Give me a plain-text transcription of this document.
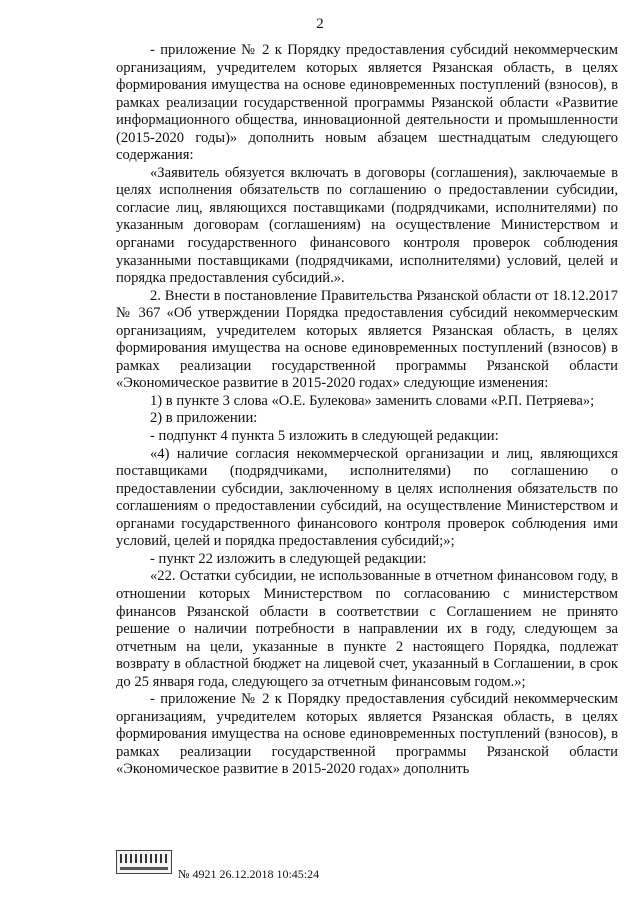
2

- приложение № 2 к Порядку предоставления субсидий некоммерческим организациям, учредителем которых является Рязанская область, в целях формирования имущества на основе единовременных поступлений (взносов), в рамках реализации государственной программы Рязанской области «Развитие информационного общества, инновационной деятельности и промышленности (2015-2020 годы)» дополнить новым абзацем шестнадцатым следующего содержания:

«Заявитель обязуется включать в договоры (соглашения), заключаемые в целях исполнения обязательств по соглашению о предоставлении субсидии, согласие лиц, являющихся поставщиками (подрядчиками, исполнителями) по указанным договорам (соглашениям) на осуществление Министерством и органами государственного финансового контроля проверок соблюдения указанными поставщиками (подрядчиками, исполнителями) условий, целей и порядка предоставления субсидий.».

2. Внести в постановление Правительства Рязанской области от 18.12.2017 № 367 «Об утверждении Порядка предоставления субсидий некоммерческим организациям, учредителем которых является Рязанская область, в целях формирования имущества на основе единовременных поступлений (взносов) в рамках реализации государственной программы Рязанской области «Экономическое развитие в 2015-2020 годах» следующие изменения:

1) в пункте 3 слова «О.Е. Булекова» заменить словами «Р.П. Петряева»;

2) в приложении:

- подпункт 4 пункта 5 изложить в следующей редакции:

«4) наличие согласия некоммерческой организации и лиц, являющихся поставщиками (подрядчиками, исполнителями) по соглашению о предоставлении субсидии, заключенному в целях исполнения обязательств по соглашениям о предоставлении субсидий, на осуществление Министерством и органами государственного финансового контроля проверок соблюдения ими условий, целей и порядка предоставления субсидий;»;

- пункт 22 изложить в следующей редакции:

«22. Остатки субсидии, не использованные в отчетном финансовом году, в отношении которых Министерством по согласованию с министерством финансов Рязанской области в соответствии с Соглашением не принято решение о наличии потребности в направлении их в году, следующем за отчетным на цели, указанные в пункте 2 настоящего Порядка, подлежат возврату в областной бюджет на лицевой счет, указанный в Соглашении, в срок до 25 января года, следующего за отчетным финансовым годом.»;

- приложение № 2 к Порядку предоставления субсидий некоммерческим организациям, учредителем которых является Рязанская область, в целях формирования имущества на основе единовременных поступлений (взносов), в рамках реализации государственной программы Рязанской области «Экономическое развитие в 2015-2020 годах» дополнить

№ 4921 26.12.2018 10:45:24
